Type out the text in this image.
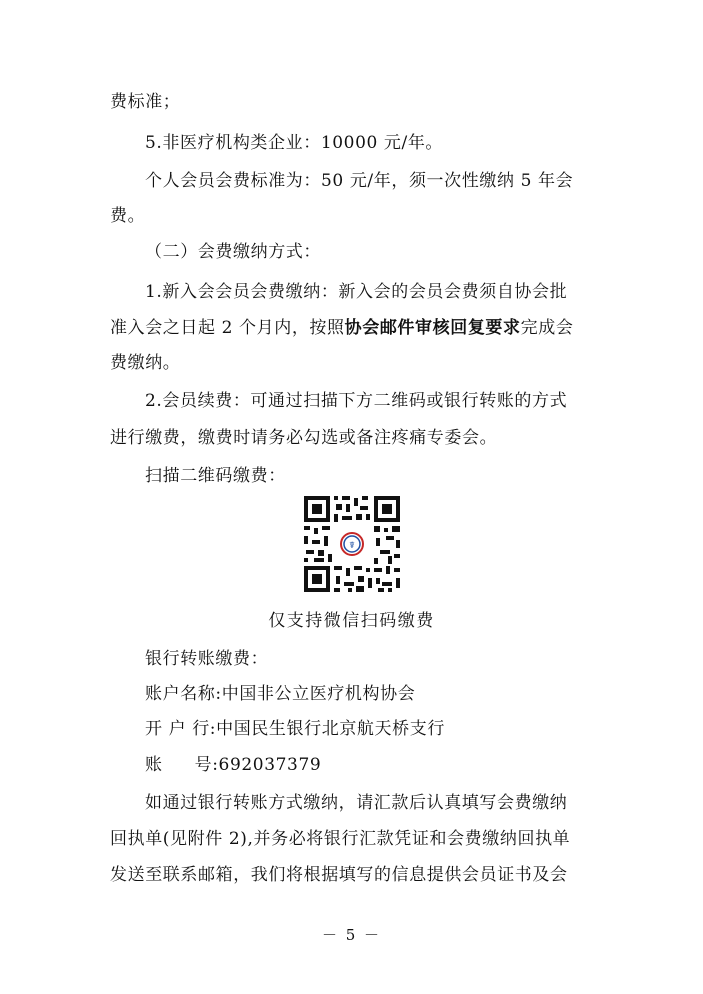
费标准；
5.非医疗机构类企业：10000 元/年。
个人会员会费标准为：50 元/年，须一次性缴纳 5 年会
费。
（二）会费缴纳方式：
1.新入会会员会费缴纳：新入会的会员会费须自协会批
准入会之日起 2 个月内，按照协会邮件审核回复要求完成会
费缴纳。
2.会员续费：可通过扫描下方二维码或银行转账的方式
进行缴费，缴费时请务必勾选或备注疼痛专委会。
扫描二维码缴费：
☤
仅支持微信扫码缴费
银行转账缴费：
账户名称:中国非公立医疗机构协会
开 户 行:中国民生银行北京航天桥支行
账 号:692037379
如通过银行转账方式缴纳，请汇款后认真填写会费缴纳
回执单(见附件 2),并务必将银行汇款凭证和会费缴纳回执单
发送至联系邮箱，我们将根据填写的信息提供会员证书及会
－ 5 －
